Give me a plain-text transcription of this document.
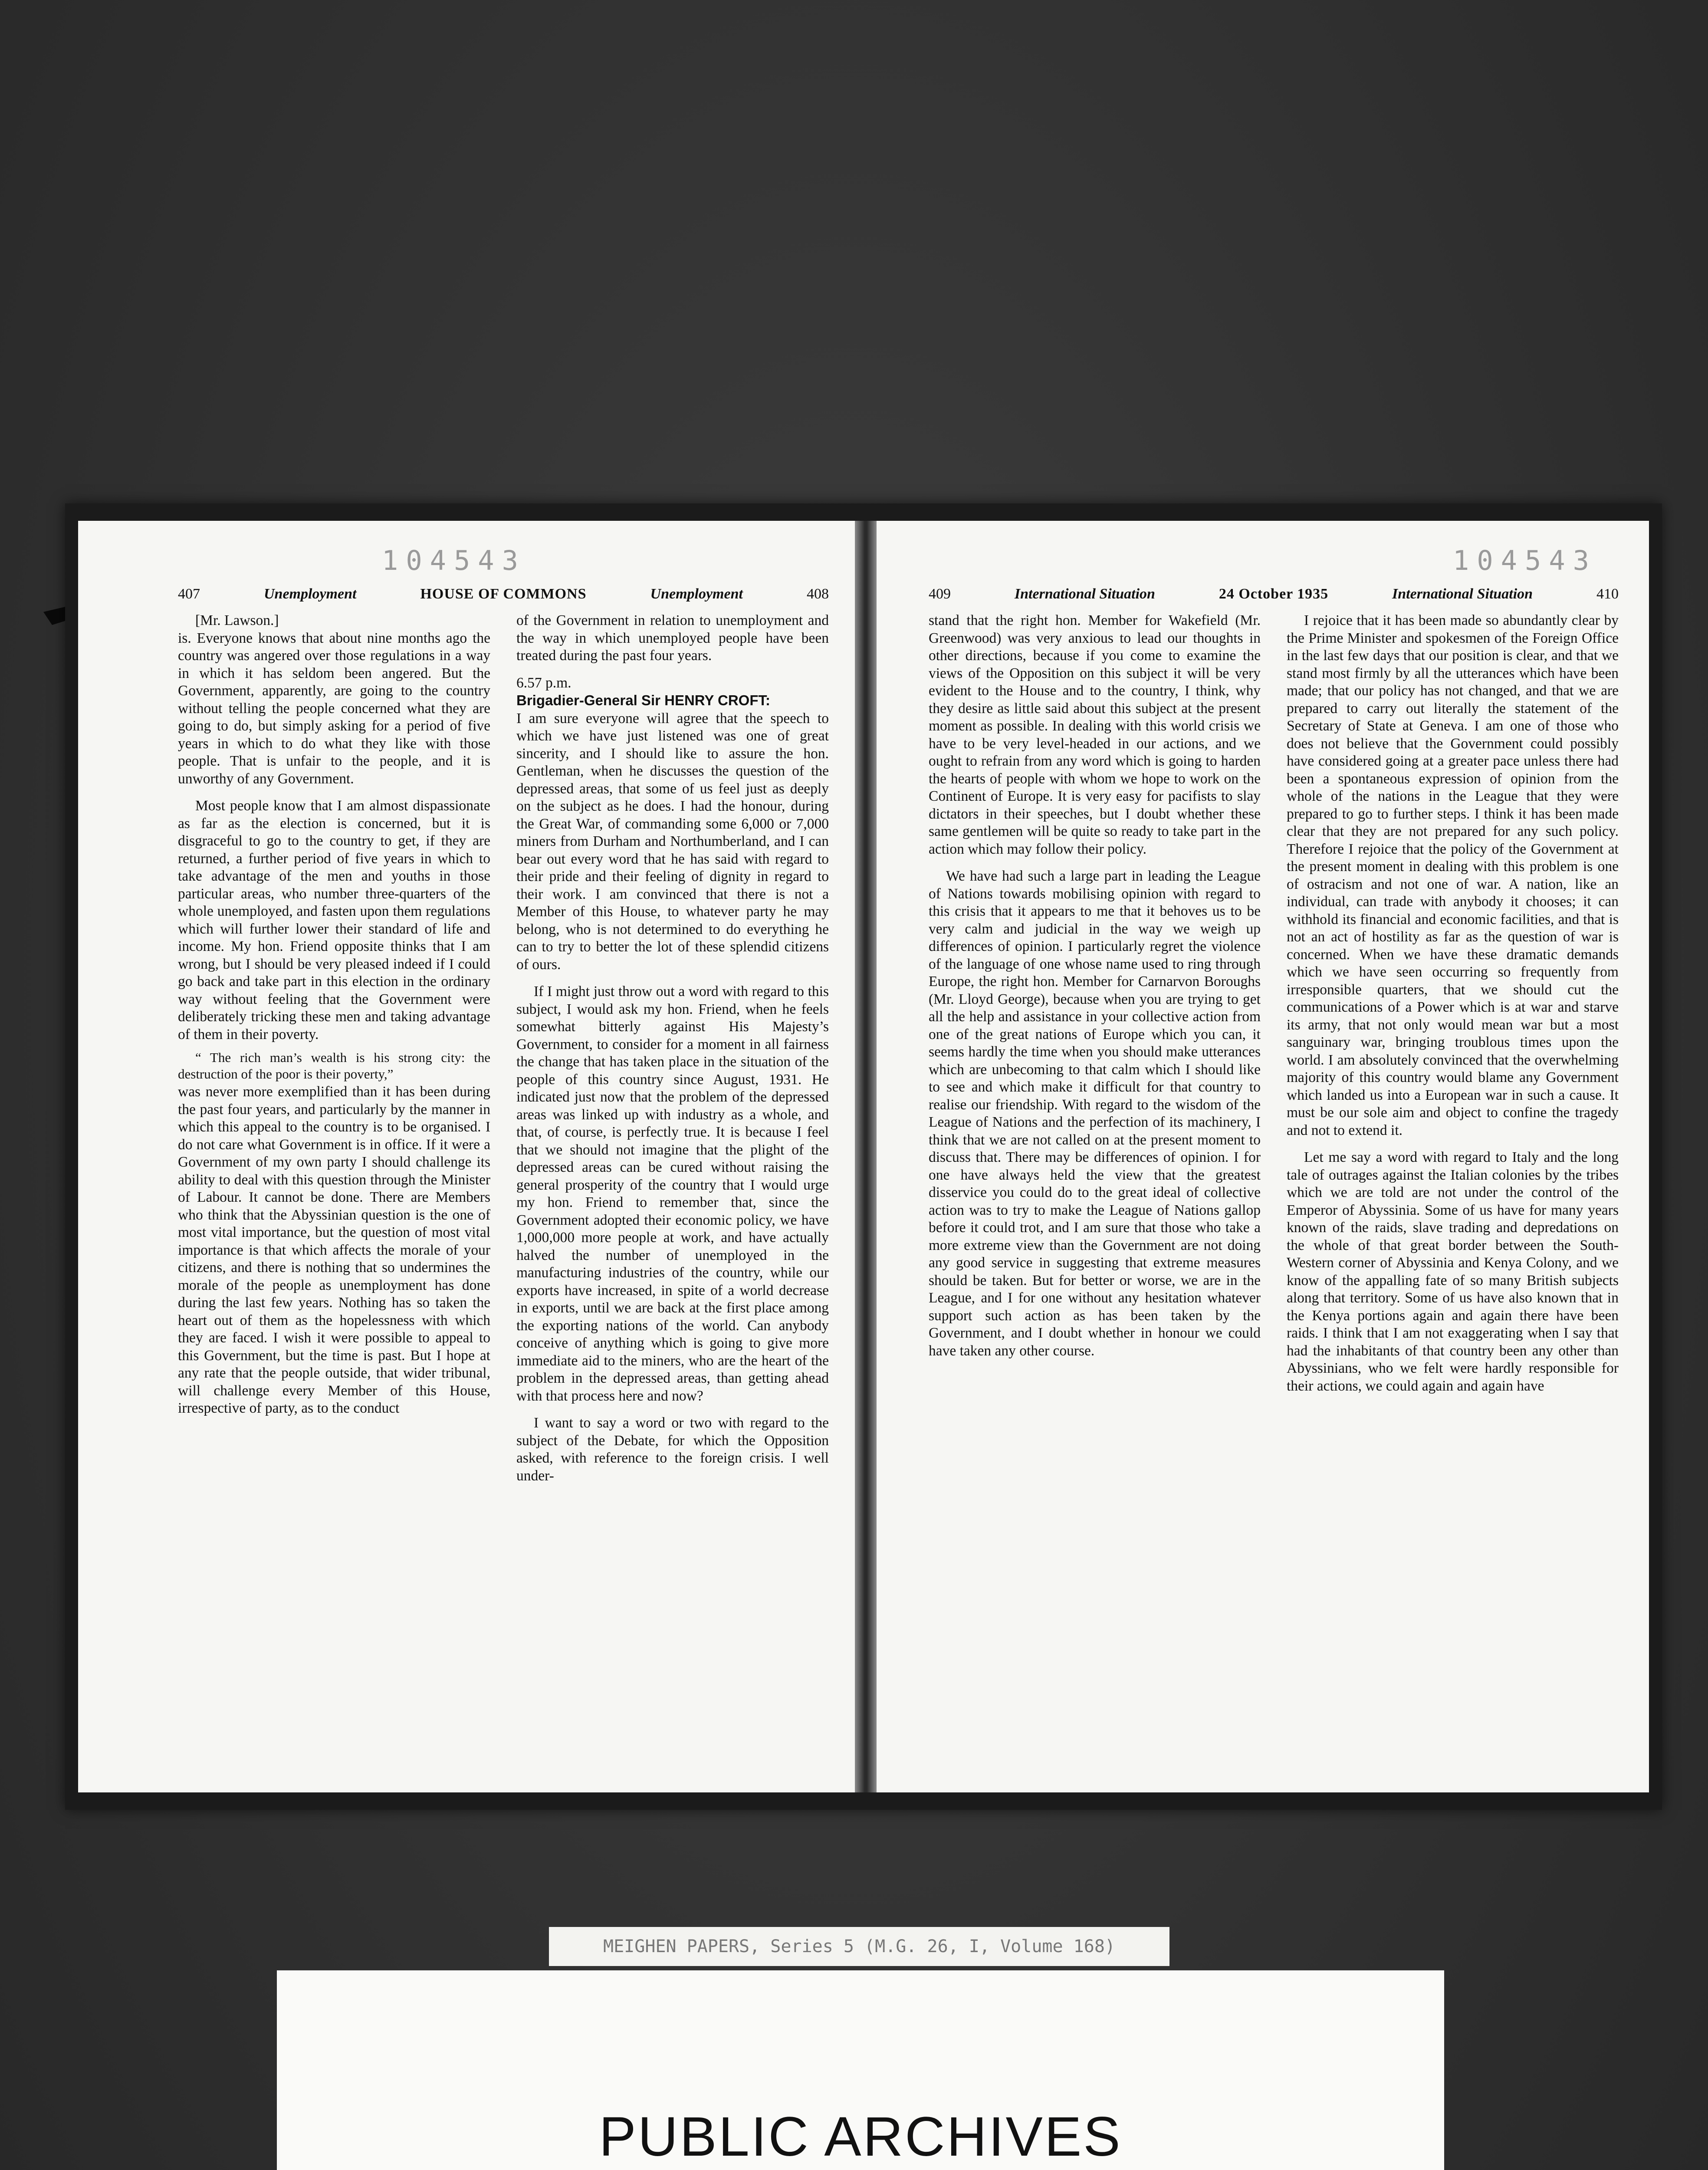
104543
407	Unemployment	HOUSE OF COMMONS	Unemployment	408

[Mr. Lawson.]

is. Everyone knows that about nine months ago the country was angered over those regulations in a way in which it has seldom been angered. But the Government, apparently, are going to the country without telling the people concerned what they are going to do, but simply asking for a period of five years in which to do what they like with those people. That is unfair to the people, and it is unworthy of any Government.

Most people know that I am almost dispassionate as far as the election is concerned, but it is disgraceful to go to the country to get, if they are returned, a further period of five years in which to take advantage of the men and youths in those particular areas, who number three-quarters of the whole unemployed, and fasten upon them regulations which will further lower their standard of life and income. My hon. Friend opposite thinks that I am wrong, but I should be very pleased indeed if I could go back and take part in this election in the ordinary way without feeling that the Government were deliberately tricking these men and taking advantage of them in their poverty.

“ The rich man’s wealth is his strong city: the destruction of the poor is their poverty,”

was never more exemplified than it has been during the past four years, and particularly by the manner in which this appeal to the country is to be organised. I do not care what Government is in office. If it were a Government of my own party I should challenge its ability to deal with this question through the Minister of Labour. It cannot be done. There are Members who think that the Abyssinian question is the one of most vital importance, but the question of most vital importance is that which affects the morale of your citizens, and there is nothing that so undermines the morale of the people as unemployment has done during the last few years. Nothing has so taken the heart out of them as the hopelessness with which they are faced. I wish it were possible to appeal to this Government, but the time is past. But I hope at any rate that the people outside, that wider tribunal, will challenge every Member of this House, irrespective of party, as to the conduct

of the Government in relation to unemployment and the way in which unemployed people have been treated during the past four years.

6.57 p.m.

Brigadier-General Sir HENRY CROFT:

I am sure everyone will agree that the speech to which we have just listened was one of great sincerity, and I should like to assure the hon. Gentleman, when he discusses the question of the depressed areas, that some of us feel just as deeply on the subject as he does. I had the honour, during the Great War, of commanding some 6,000 or 7,000 miners from Durham and Northumberland, and I can bear out every word that he has said with regard to their pride and their feeling of dignity in regard to their work. I am convinced that there is not a Member of this House, to whatever party he may belong, who is not determined to do everything he can to try to better the lot of these splendid citizens of ours.

If I might just throw out a word with regard to this subject, I would ask my hon. Friend, when he feels somewhat bitterly against His Majesty’s Government, to consider for a moment in all fairness the change that has taken place in the situation of the people of this country since August, 1931. He indicated just now that the problem of the depressed areas was linked up with industry as a whole, and that, of course, is perfectly true. It is because I feel that we should not imagine that the plight of the depressed areas can be cured without raising the general prosperity of the country that I would urge my hon. Friend to remember that, since the Government adopted their economic policy, we have 1,000,000 more people at work, and have actually halved the number of unemployed in the manufacturing industries of the country, while our exports have increased, in spite of a world decrease in exports, until we are back at the first place among the exporting nations of the world. Can anybody conceive of anything which is going to give more immediate aid to the miners, who are the heart of the problem in the depressed areas, than getting ahead with that process here and now?

I want to say a word or two with regard to the subject of the Debate, for which the Opposition asked, with reference to the foreign crisis. I well under-

104543
409	International Situation	24 October 1935	International Situation	410

stand that the right hon. Member for Wakefield (Mr. Greenwood) was very anxious to lead our thoughts in other directions, because if you come to examine the views of the Opposition on this subject it will be very evident to the House and to the country, I think, why they desire as little said about this subject at the present moment as possible. In dealing with this world crisis we have to be very level-headed in our actions, and we ought to refrain from any word which is going to harden the hearts of people with whom we hope to work on the Continent of Europe. It is very easy for pacifists to slay dictators in their speeches, but I doubt whether these same gentlemen will be quite so ready to take part in the action which may follow their policy.

We have had such a large part in leading the League of Nations towards mobilising opinion with regard to this crisis that it appears to me that it behoves us to be very calm and judicial in the way we weigh up differences of opinion. I particularly regret the violence of the language of one whose name used to ring through Europe, the right hon. Member for Carnarvon Boroughs (Mr. Lloyd George), because when you are trying to get all the help and assistance in your collective action from one of the great nations of Europe which you can, it seems hardly the time when you should make utterances which are unbecoming to that calm which I should like to see and which make it difficult for that country to realise our friendship. With regard to the wisdom of the League of Nations and the perfection of its machinery, I think that we are not called on at the present moment to discuss that. There may be differences of opinion. I for one have always held the view that the greatest disservice you could do to the great ideal of collective action was to try to make the League of Nations gallop before it could trot, and I am sure that those who take a more extreme view than the Government are not doing any good service in suggesting that extreme measures should be taken. But for better or worse, we are in the League, and I for one without any hesitation whatever support such action as has been taken by the Government, and I doubt whether in honour we could have taken any other course.

I rejoice that it has been made so abundantly clear by the Prime Minister and spokesmen of the Foreign Office in the last few days that our position is clear, and that we stand most firmly by all the utterances which have been made; that our policy has not changed, and that we are prepared to carry out literally the statement of the Secretary of State at Geneva. I am one of those who does not believe that the Government could possibly have considered going at a greater pace unless there had been a spontaneous expression of opinion from the whole of the nations in the League that they were prepared to go to further steps. I think it has been made clear that they are not prepared for any such policy. Therefore I rejoice that the policy of the Government at the present moment in dealing with this problem is one of ostracism and not one of war. A nation, like an individual, can trade with anybody it chooses; it can withhold its financial and economic facilities, and that is not an act of hostility as far as the question of war is concerned. When we have these dramatic demands which we have seen occurring so frequently from irresponsible quarters, that we should cut the communications of a Power which is at war and starve its army, that not only would mean war but a most sanguinary war, bringing troublous times upon the world. I am absolutely convinced that the overwhelming majority of this country would blame any Government which landed us into a European war in such a cause. It must be our sole aim and object to confine the tragedy and not to extend it.

Let me say a word with regard to Italy and the long tale of outrages against the Italian colonies by the tribes which we are told are not under the control of the Emperor of Abyssinia. Some of us have for many years known of the raids, slave trading and depredations on the whole of that great border between the South-Western corner of Abyssinia and Kenya Colony, and we know of the appalling fate of so many British subjects along that territory. Some of us have also known that in the Kenya portions again and again there have been raids. I think that I am not exaggerating when I say that had the inhabitants of that country been any other than Abyssinians, who we felt were hardly responsible for their actions, we could again and again have

MEIGHEN PAPERS, Series 5 (M.G. 26, I, Volume 168)
PUBLIC ARCHIVES
